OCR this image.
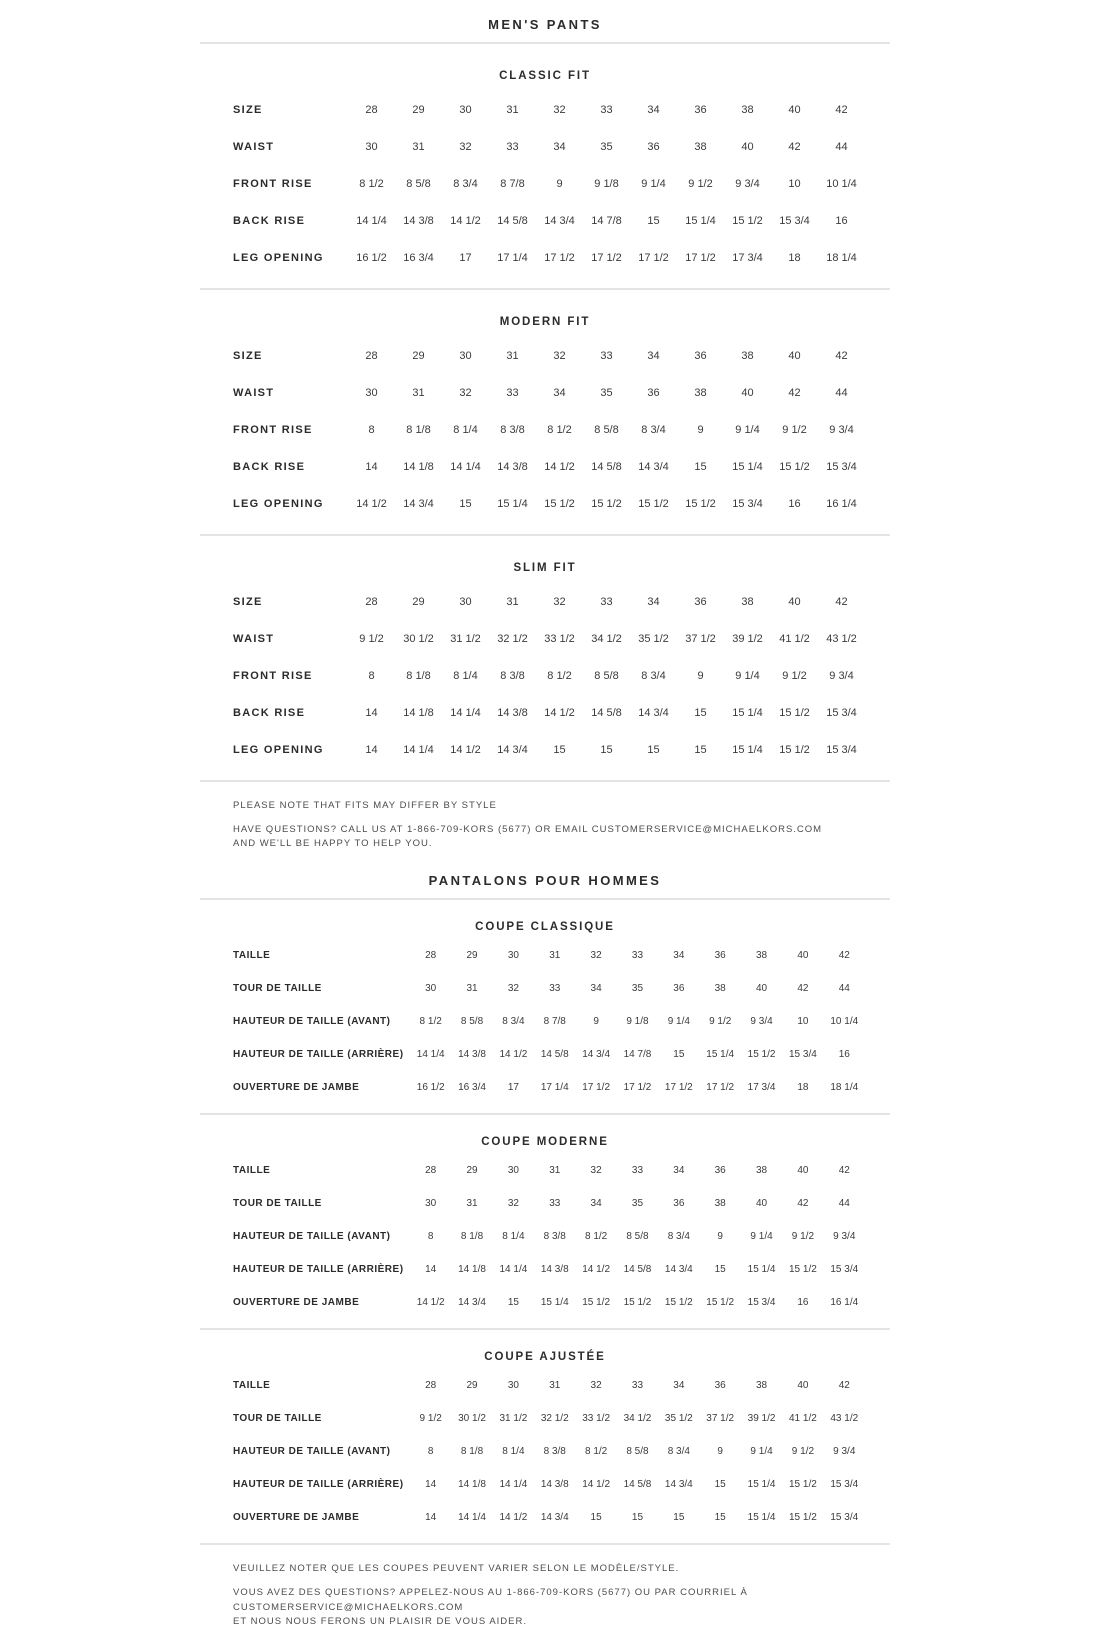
MEN'S PANTS
CLASSIC FIT
SIZE	28	29	30	31	32	33	34	36	38	40	42
WAIST	30	31	32	33	34	35	36	38	40	42	44
FRONT RISE	8 1/2	8 5/8	8 3/4	8 7/8	9	9 1/8	9 1/4	9 1/2	9 3/4	10	10 1/4
BACK RISE	14 1/4	14 3/8	14 1/2	14 5/8	14 3/4	14 7/8	15	15 1/4	15 1/2	15 3/4	16
LEG OPENING	16 1/2	16 3/4	17	17 1/4	17 1/2	17 1/2	17 1/2	17 1/2	17 3/4	18	18 1/4
MODERN FIT
SIZE	28	29	30	31	32	33	34	36	38	40	42
WAIST	30	31	32	33	34	35	36	38	40	42	44
FRONT RISE	8	8 1/8	8 1/4	8 3/8	8 1/2	8 5/8	8 3/4	9	9 1/4	9 1/2	9 3/4
BACK RISE	14	14 1/8	14 1/4	14 3/8	14 1/2	14 5/8	14 3/4	15	15 1/4	15 1/2	15 3/4
LEG OPENING	14 1/2	14 3/4	15	15 1/4	15 1/2	15 1/2	15 1/2	15 1/2	15 3/4	16	16 1/4
SLIM FIT
SIZE	28	29	30	31	32	33	34	36	38	40	42
WAIST	9 1/2	30 1/2	31 1/2	32 1/2	33 1/2	34 1/2	35 1/2	37 1/2	39 1/2	41 1/2	43 1/2
FRONT RISE	8	8 1/8	8 1/4	8 3/8	8 1/2	8 5/8	8 3/4	9	9 1/4	9 1/2	9 3/4
BACK RISE	14	14 1/8	14 1/4	14 3/8	14 1/2	14 5/8	14 3/4	15	15 1/4	15 1/2	15 3/4
LEG OPENING	14	14 1/4	14 1/2	14 3/4	15	15	15	15	15 1/4	15 1/2	15 3/4

PLEASE NOTE THAT FITS MAY DIFFER BY STYLE

HAVE QUESTIONS? CALL US AT 1-866-709-KORS (5677) OR EMAIL CUSTOMERSERVICE@MICHAELKORS.COM
AND WE'LL BE HAPPY TO HELP YOU.

PANTALONS POUR HOMMES
COUPE CLASSIQUE
TAILLE	28	29	30	31	32	33	34	36	38	40	42
TOUR DE TAILLE	30	31	32	33	34	35	36	38	40	42	44
HAUTEUR DE TAILLE (AVANT)	8 1/2	8 5/8	8 3/4	8 7/8	9	9 1/8	9 1/4	9 1/2	9 3/4	10	10 1/4
HAUTEUR DE TAILLE (ARRIÈRE)	14 1/4	14 3/8	14 1/2	14 5/8	14 3/4	14 7/8	15	15 1/4	15 1/2	15 3/4	16
OUVERTURE DE JAMBE	16 1/2	16 3/4	17	17 1/4	17 1/2	17 1/2	17 1/2	17 1/2	17 3/4	18	18 1/4
COUPE MODERNE
TAILLE	28	29	30	31	32	33	34	36	38	40	42
TOUR DE TAILLE	30	31	32	33	34	35	36	38	40	42	44
HAUTEUR DE TAILLE (AVANT)	8	8 1/8	8 1/4	8 3/8	8 1/2	8 5/8	8 3/4	9	9 1/4	9 1/2	9 3/4
HAUTEUR DE TAILLE (ARRIÈRE)	14	14 1/8	14 1/4	14 3/8	14 1/2	14 5/8	14 3/4	15	15 1/4	15 1/2	15 3/4
OUVERTURE DE JAMBE	14 1/2	14 3/4	15	15 1/4	15 1/2	15 1/2	15 1/2	15 1/2	15 3/4	16	16 1/4
COUPE AJUSTÉE
TAILLE	28	29	30	31	32	33	34	36	38	40	42
TOUR DE TAILLE	9 1/2	30 1/2	31 1/2	32 1/2	33 1/2	34 1/2	35 1/2	37 1/2	39 1/2	41 1/2	43 1/2
HAUTEUR DE TAILLE (AVANT)	8	8 1/8	8 1/4	8 3/8	8 1/2	8 5/8	8 3/4	9	9 1/4	9 1/2	9 3/4
HAUTEUR DE TAILLE (ARRIÈRE)	14	14 1/8	14 1/4	14 3/8	14 1/2	14 5/8	14 3/4	15	15 1/4	15 1/2	15 3/4
OUVERTURE DE JAMBE	14	14 1/4	14 1/2	14 3/4	15	15	15	15	15 1/4	15 1/2	15 3/4

VEUILLEZ NOTER QUE LES COUPES PEUVENT VARIER SELON LE MODÈLE/STYLE.

VOUS AVEZ DES QUESTIONS? APPELEZ-NOUS AU 1-866-709-KORS (5677) OU PAR COURRIEL À CUSTOMERSERVICE@MICHAELKORS.COM
ET NOUS NOUS FERONS UN PLAISIR DE VOUS AIDER.
